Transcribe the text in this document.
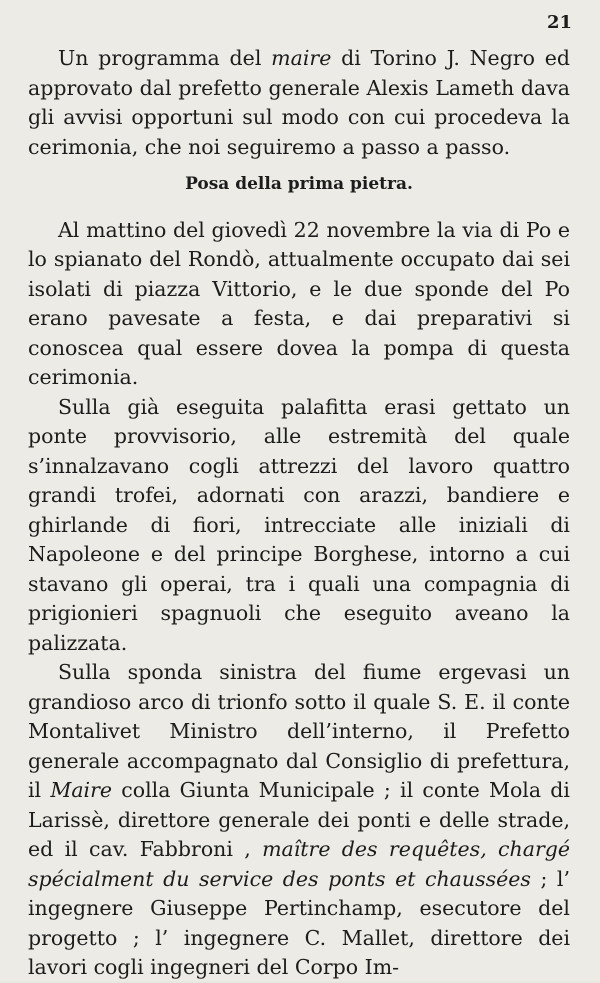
21

Un programma del maire di Torino J. Negro ed approvato dal prefetto generale Alexis Lameth dava gli avvisi opportuni sul modo con cui procedeva la cerimonia, che noi seguiremo a passo a passo.

Posa della prima pietra.

Al mattino del giovedì 22 novembre la via di Po e lo spianato del Rondò, attualmente occupato dai sei isolati di piazza Vittorio, e le due sponde del Po erano pavesate a festa, e dai preparativi si conoscea qual essere dovea la pompa di questa cerimonia.

Sulla già eseguita palafitta erasi gettato un ponte provvisorio, alle estremità del quale s’innalzavano cogli attrezzi del lavoro quattro grandi trofei, adornati con arazzi, bandiere e ghirlande di fiori, intrecciate alle iniziali di Napoleone e del principe Borghese, intorno a cui stavano gli operai, tra i quali una compagnia di prigionieri spagnuoli che eseguito aveano la palizzata.

Sulla sponda sinistra del fiume ergevasi un grandioso arco di trionfo sotto il quale S. E. il conte Montalivet Ministro dell’interno, il Prefetto generale accompagnato dal Consiglio di prefettura, il Maire colla Giunta Municipale ; il conte Mola di Larissè, direttore generale dei ponti e delle strade, ed il cav. Fabbroni , maître des requêtes, chargé spécialment du service des ponts et chaussées ; l’ ingegnere Giuseppe Pertinchamp, esecutore del progetto ; l’ ingegnere C. Mallet, direttore dei lavori cogli ingegneri del Corpo Im-
